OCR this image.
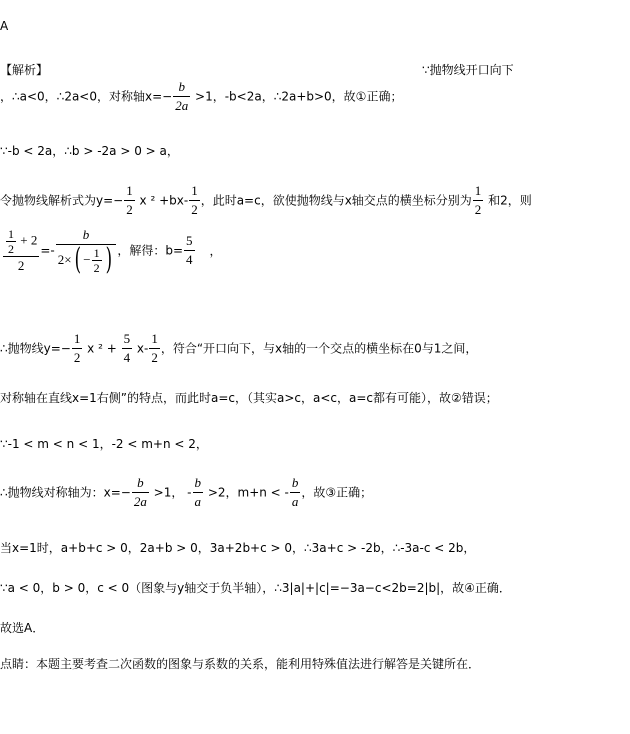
A
【解析】	∵抛物线开口向下
，∴a<0，∴2a<0，对称轴$x=- \frac{b}{2a} >1$，-b<2a，∴2a+b>0，故①正确；
∵-b < 2a，∴b > -2a > 0 > a，
令抛物线解析式为$y=- \frac{1}{2}$ x $^2 +bx- \frac{1}{2}$ ，此时a=c，欲使抛物线与x轴交点的横坐标分别为 $\frac{1}{2}$ 和2，则
$\frac{\frac{1}{2} + 2}{2} =- \frac{b}{2\times( - \frac{1}{2} )}$ ，解得：$b= \frac{5}{4}$ ，
∴抛物线$y=- \frac{1}{2}$ x $^2 + \frac{5}{4} x- \frac{1}{2}$ ，符合“开口向下，与x轴的一个交点的横坐标在0与1之间，
对称轴在直线x=1右侧”的特点，而此时a=c，（其实a>c，a<c，a=c都有可能），故②错误；
∵-1 < m < n < 1，-2 < m+n < 2，
∴抛物线对称轴为：$x=- \frac{b}{2a} >1$， - $\frac{b}{a} >2$，m+n < - $\frac{b}{a}$ ，故③正确；
当x=1时，a+b+c > 0，2a+b > 0，3a+2b+c > 0，∴3a+c > -2b，∴-3a-c < 2b，
∵a < 0，b > 0，c < 0（图象与y轴交于负半轴），∴3|a|+|c|=−3a−c<2b=2|b|，故④正确．
故选A．
点睛：本题主要考查二次函数的图象与系数的关系，能利用特殊值法进行解答是关键所在．
